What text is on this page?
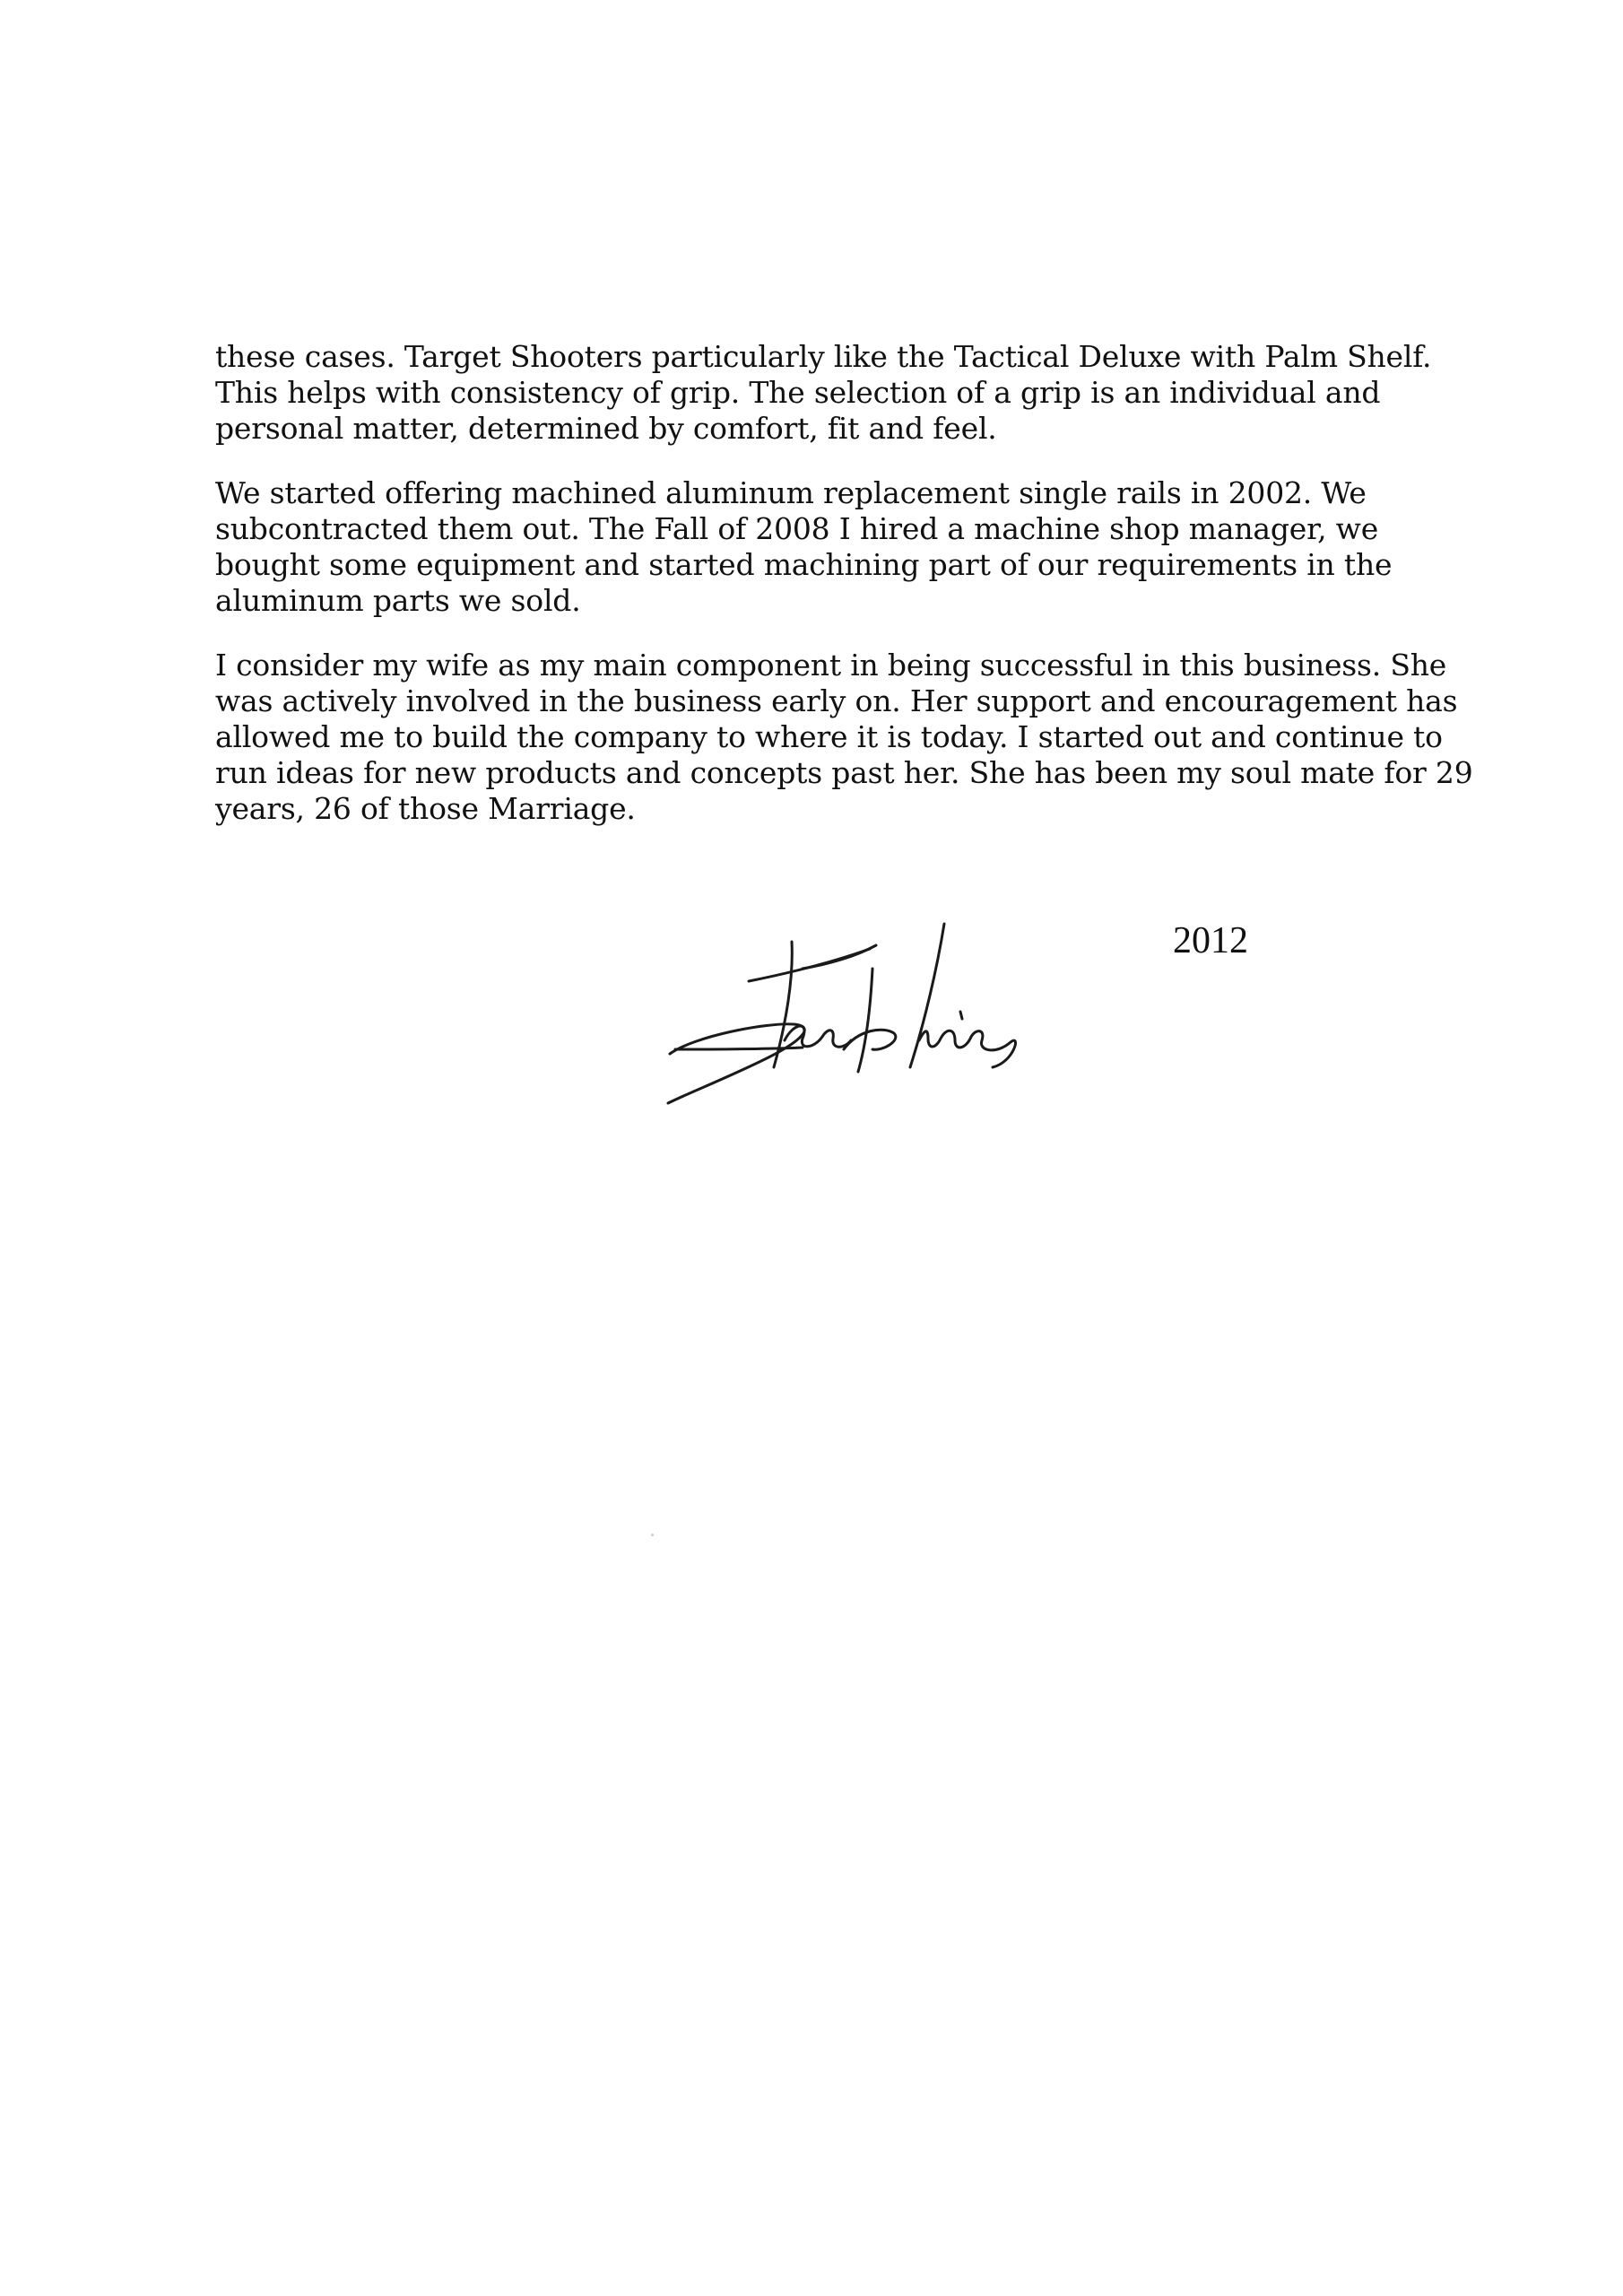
these cases. Target Shooters particularly like the Tactical Deluxe with Palm Shelf.
This helps with consistency of grip. The selection of a grip is an individual and
personal matter, determined by comfort, fit and feel.

We started offering machined aluminum replacement single rails in 2002. We
subcontracted them out. The Fall of 2008 I hired a machine shop manager, we
bought some equipment and started machining part of our requirements in the
aluminum parts we sold.

I consider my wife as my main component in being successful in this business. She
was actively involved in the business early on. Her support and encouragement has
allowed me to build the company to where it is today. I started out and continue to
run ideas for new products and concepts past her. She has been my soul mate for 29
years, 26 of those Marriage.

2012
